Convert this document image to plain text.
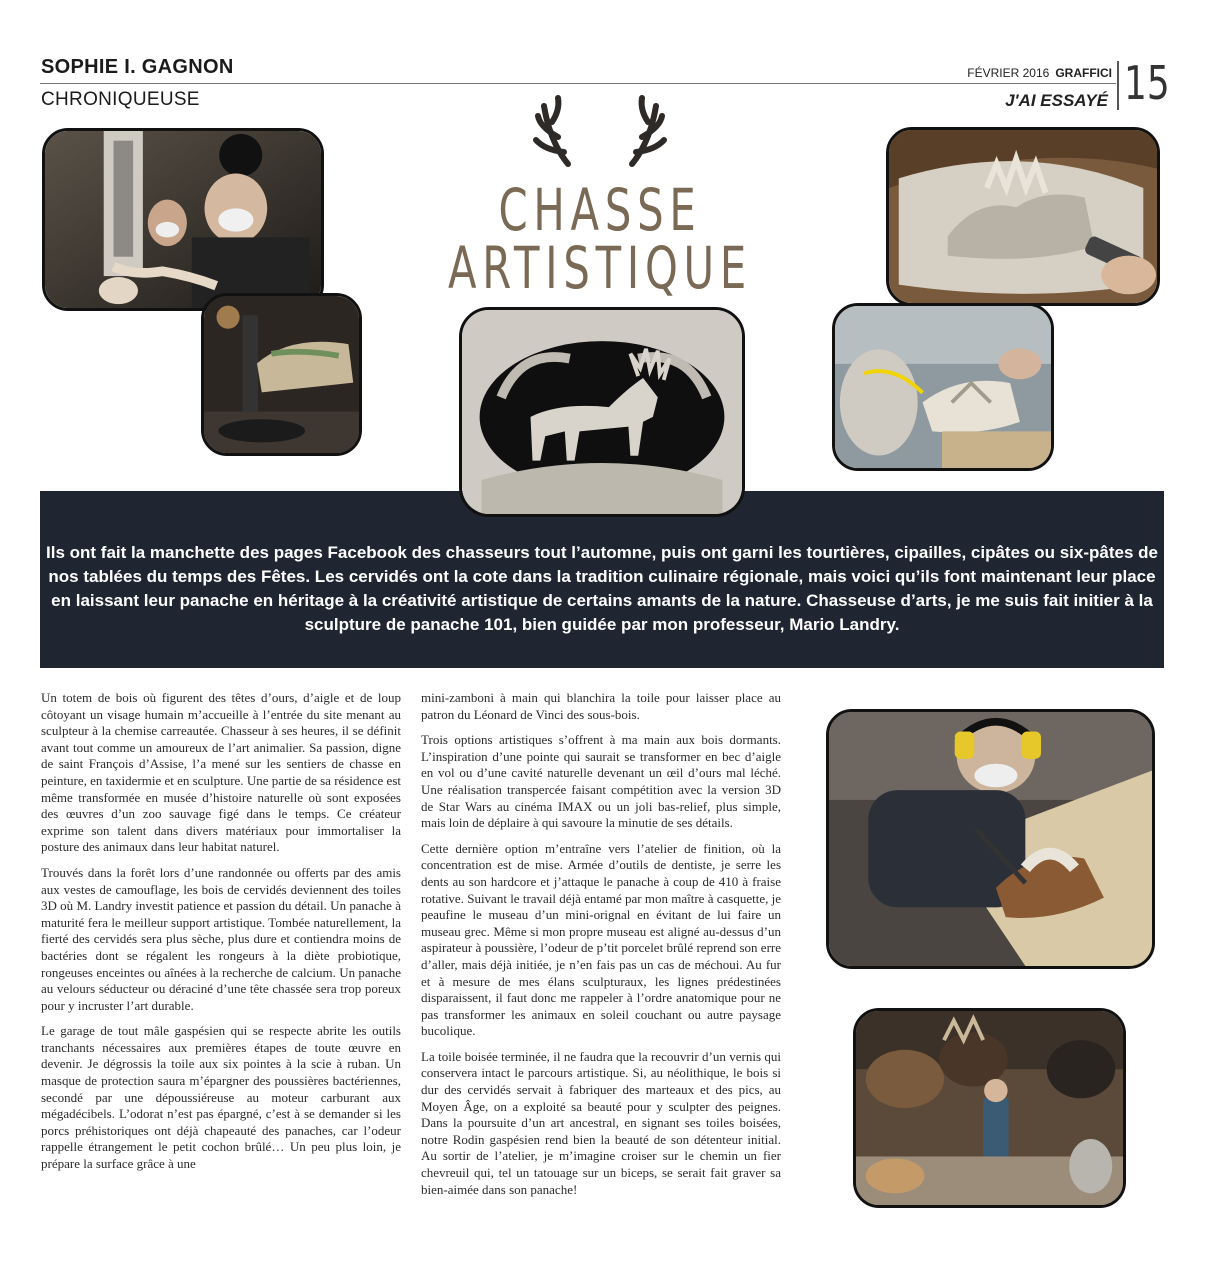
SOPHIE I. GAGNON
CHRONIQUEUSE
FÉVRIER 2016 GRAFFICI
J'AI ESSAYÉ 15
CHASSE
ARTISTIQUE
Ils ont fait la manchette des pages Facebook des chasseurs tout l’automne, puis ont garni les tourtières, cipailles, cipâtes ou six-pâtes de nos tablées du temps des Fêtes. Les cervidés ont la cote dans la tradition culinaire régionale, mais voici qu’ils font maintenant leur place en laissant leur panache en héritage à la créativité artistique de certains amants de la nature. Chasseuse d’arts, je me suis fait initier à la sculpture de panache 101, bien guidée par mon professeur, Mario Landry.

Un totem de bois où figurent des têtes d’ours, d’aigle et de loup côtoyant un visage humain m’accueille à l’entrée du site menant au sculpteur à la chemise carreautée. Chasseur à ses heures, il se définit avant tout comme un amoureux de l’art animalier. Sa passion, digne de saint François d’Assise, l’a mené sur les sentiers de chasse en peinture, en taxidermie et en sculpture. Une partie de sa résidence est même transformée en musée d’histoire naturelle où sont exposées des œuvres d’un zoo sauvage figé dans le temps. Ce créateur exprime son talent dans divers matériaux pour immortaliser la posture des animaux dans leur habitat naturel.

Trouvés dans la forêt lors d’une randonnée ou offerts par des amis aux vestes de camouflage, les bois de cervidés deviennent des toiles 3D où M. Landry investit patience et passion du détail. Un panache à maturité fera le meilleur support artistique. Tombée naturellement, la fierté des cervidés sera plus sèche, plus dure et contiendra moins de bactéries dont se régalent les rongeurs à la diète probiotique, rongeuses enceintes ou aînées à la recherche de calcium. Un panache au velours séducteur ou déraciné d’une tête chassée sera trop poreux pour y incruster l’art durable.

Le garage de tout mâle gaspésien qui se respecte abrite les outils tranchants nécessaires aux premières étapes de toute œuvre en devenir. Je dégrossis la toile aux six pointes à la scie à ruban. Un masque de protection saura m’épargner des poussières bactériennes, secondé par une dépoussiéreuse au moteur carburant aux mégadécibels. L’odorat n’est pas épargné, c’est à se demander si les porcs préhistoriques ont déjà chapeauté des panaches, car l’odeur rappelle étrangement le petit cochon brûlé… Un peu plus loin, je prépare la surface grâce à une

mini-zamboni à main qui blanchira la toile pour laisser place au patron du Léonard de Vinci des sous-bois.

Trois options artistiques s’offrent à ma main aux bois dormants. L’inspiration d’une pointe qui saurait se transformer en bec d’aigle en vol ou d’une cavité naturelle devenant un œil d’ours mal léché. Une réalisation transpercée faisant compétition avec la version 3D de Star Wars au cinéma IMAX ou un joli bas-relief, plus simple, mais loin de déplaire à qui savoure la minutie de ses détails.

Cette dernière option m’entraîne vers l’atelier de finition, où la concentration est de mise. Armée d’outils de dentiste, je serre les dents au son hardcore et j’attaque le panache à coup de 410 à fraise rotative. Suivant le travail déjà entamé par mon maître à casquette, je peaufine le museau d’un mini-orignal en évitant de lui faire un museau grec. Même si mon propre museau est aligné au-dessus d’un aspirateur à poussière, l’odeur de p’tit porcelet brûlé reprend son erre d’aller, mais déjà initiée, je n’en fais pas un cas de méchoui. Au fur et à mesure de mes élans sculpturaux, les lignes prédestinées disparaissent, il faut donc me rappeler à l’ordre anatomique pour ne pas transformer les animaux en soleil couchant ou autre paysage bucolique.

La toile boisée terminée, il ne faudra que la recouvrir d’un vernis qui conservera intact le parcours artistique. Si, au néolithique, le bois si dur des cervidés servait à fabriquer des marteaux et des pics, au Moyen Âge, on a exploité sa beauté pour y sculpter des peignes. Dans la poursuite d’un art ancestral, en signant ses toiles boisées, notre Rodin gaspésien rend bien la beauté de son détenteur initial. Au sortir de l’atelier, je m’imagine croiser sur le chemin un fier chevreuil qui, tel un tatouage sur un biceps, se serait fait graver sa bien-aimée dans son panache!
